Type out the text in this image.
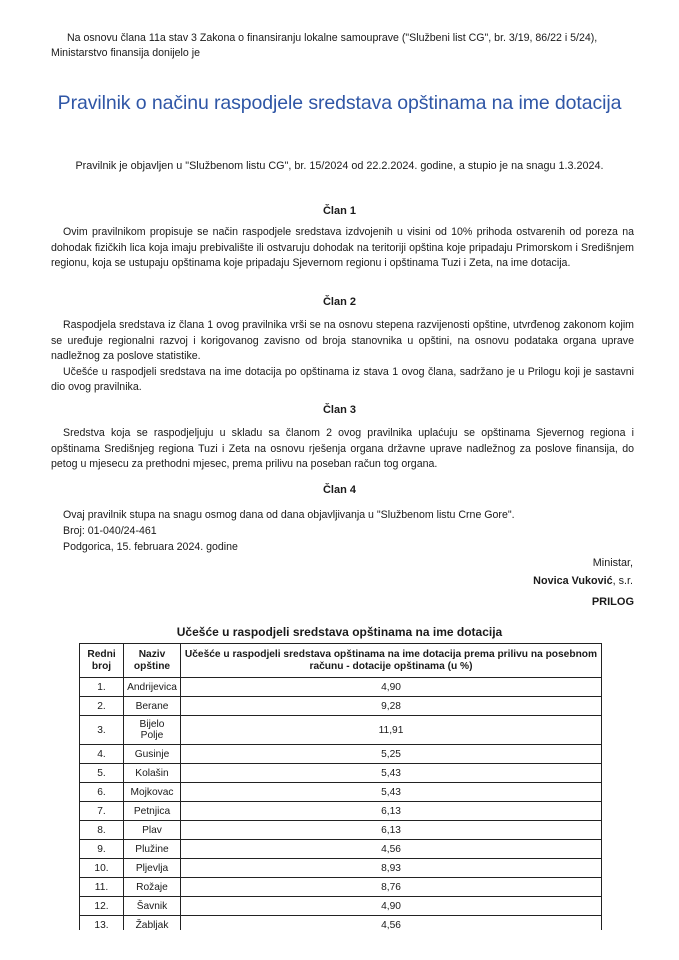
Na osnovu člana 11a stav 3 Zakona o finansiranju lokalne samouprave ("Službeni list CG", br. 3/19, 86/22 i 5/24),
Ministarstvo finansija donijelo je
Pravilnik o načinu raspodjele sredstava opštinama na ime dotacija
Pravilnik je objavljen u "Službenom listu CG", br. 15/2024 od 22.2.2024. godine, a stupio je na snagu 1.3.2024.
Član 1

Ovim pravilnikom propisuje se način raspodjele sredstava izdvojenih u visini od 10% prihoda ostvarenih od poreza na dohodak fizičkih lica koja imaju prebivalište ili ostvaruju dohodak na teritoriji opština koje pripadaju Primorskom i Središnjem regionu, koja se ustupaju opštinama koje pripadaju Sjevernom regionu i opštinama Tuzi i Zeta, na ime dotacija.

Član 2

Raspodjela sredstava iz člana 1 ovog pravilnika vrši se na osnovu stepena razvijenosti opštine, utvrđenog zakonom kojim se uređuje regionalni razvoj i korigovanog zavisno od broja stanovnika u opštini, na osnovu podataka organa uprave nadležnog za poslove statistike.

Učešće u raspodjeli sredstava na ime dotacija po opštinama iz stava 1 ovog člana, sadržano je u Prilogu koji je sastavni dio ovog pravilnika.

Član 3

Sredstva koja se raspodjeljuju u skladu sa članom 2 ovog pravilnika uplaćuju se opštinama Sjevernog regiona i opštinama Središnjeg regiona Tuzi i Zeta na osnovu rješenja organa državne uprave nadležnog za poslove finansija, do petog u mjesecu za prethodni mjesec, prema prilivu na poseban račun tog organa.

Član 4
Ovaj pravilnik stupa na snagu osmog dana od dana objavljivanja u "Službenom listu Crne Gore".
Broj: 01-040/24-461
Podgorica, 15. februara 2024. godine
Ministar,
Novica Vuković, s.r.
PRILOG
Učešće u raspodjeli sredstava opštinama na ime dotacija
Redni broj	Naziv opštine	Učešće u raspodjeli sredstava opštinama na ime dotacija prema prilivu na posebnom računu - dotacije opštinama (u %)
1.	Andrijevica	4,90
2.	Berane	9,28
3.	Bijelo Polje	11,91
4.	Gusinje	5,25
5.	Kolašin	5,43
6.	Mojkovac	5,43
7.	Petnjica	6,13
8.	Plav	6,13
9.	Plužine	4,56
10.	Pljevlja	8,93
11.	Rožaje	8,76
12.	Šavnik	4,90
13.	Žabljak	4,56
